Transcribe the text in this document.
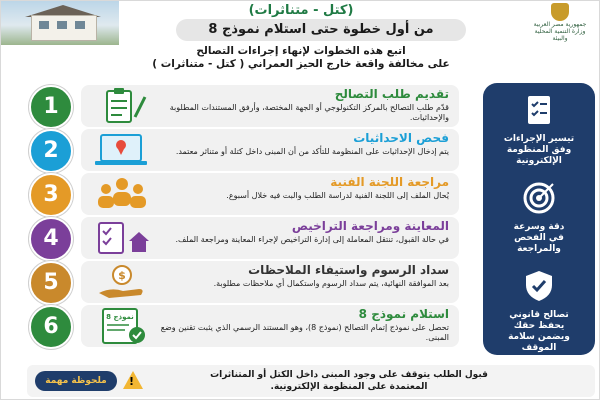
(كتل - متناثرات)
من أول خطوة حتى استلام نموذج 8	جمهورية مصر العربية
وزارة التنمية المحلية
والبيئة
اتبع هذه الخطوات لإنهاء إجراءات التصالح
على مخالفة واقعة خارج الحيز العمراني ( كتل - متناثرات )
1	تقديم طلب التصالح
قدّم طلب التصالح بالمركز التكنولوجي أو الجهة المختصة، وأرفق المستندات المطلوبة والإحداثيات.
2	فحص الاحداثيات
يتم إدخال الإحداثيات على المنظومة للتأكد من أن المبنى داخل كتلة أو متناثر معتمد.
3	مراجعة اللجنة الفنية
يُحال الملف إلى اللجنة الفنية لدراسة الطلب والبت فيه خلال أسبوع.
4	المعاينة ومراجعة التراخيص
في حالة القبول، تنتقل المعاملة إلى إدارة التراخيص لإجراء المعاينة ومراجعة الملف.
5	$	سداد الرسوم واستيفاء الملاحظات
بعد الموافقة النهائية، يتم سداد الرسوم واستكمال أي ملاحظات مطلوبة.
6	نموذج 8	استلام نموذج 8
تحصل على نموذج إتمام التصالح (نموذج 8)، وهو المستند الرسمي الذي يثبت تقنين وضع المبنى.
تيسير الإجراءات
وفق المنظومة
الإلكترونية
دقة وسرعة
في الفحص
والمراجعة
تصالح قانوني
يحفظ حقك
ويضمن سلامة
الموقف
ملحوظة مهمة	!	قبول الطلب يتوقف على وجود المبنى داخل الكتل أو المتناثرات
المعتمدة على المنظومة الإلكترونية.
